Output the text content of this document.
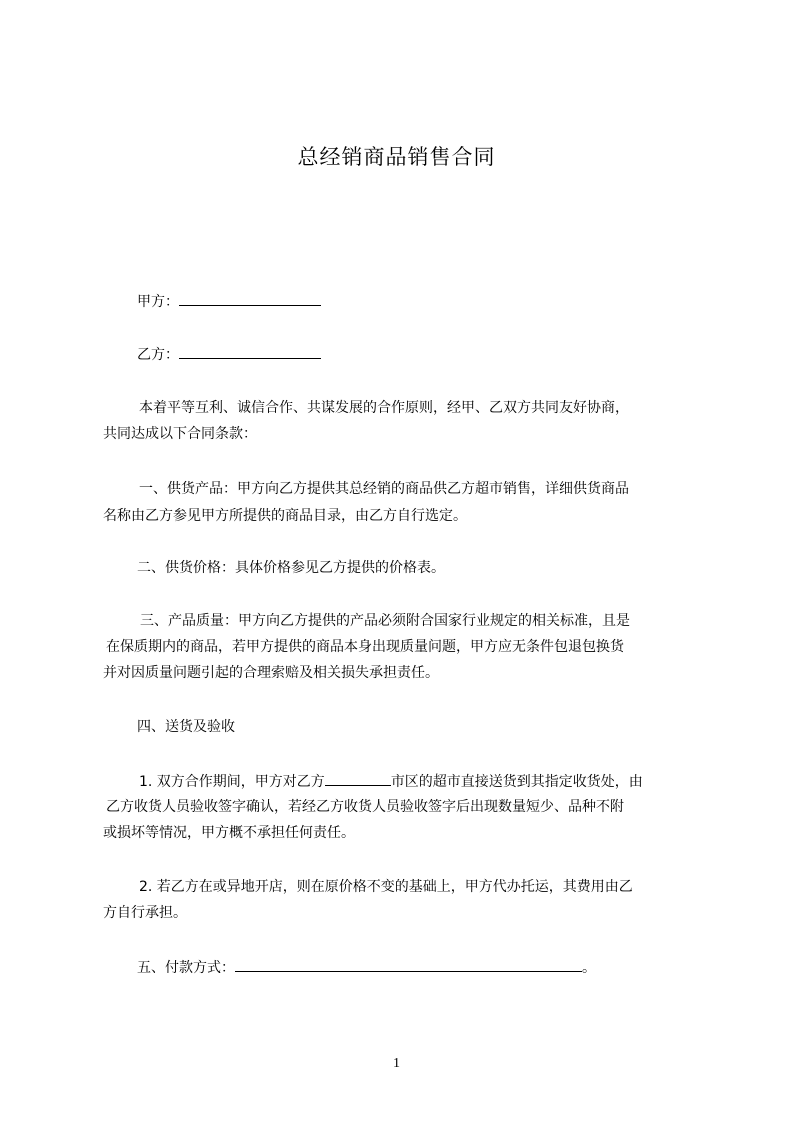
总经销商品销售合同
甲方：
乙方：
本着平等互利、诚信合作、共谋发展的合作原则，经甲、乙双方共同友好协商，
共同达成以下合同条款：
一、供货产品：甲方向乙方提供其总经销的商品供乙方超市销售，详细供货商品
名称由乙方参见甲方所提供的商品目录，由乙方自行选定。
二、供货价格：具体价格参见乙方提供的价格表。
三、产品质量：甲方向乙方提供的产品必须附合国家行业规定的相关标准，且是
在保质期内的商品，若甲方提供的商品本身出现质量问题，甲方应无条件包退包换货
并对因质量问题引起的合理索赔及相关损失承担责任。
四、送货及验收
1. 双方合作期间，甲方对乙方	市区的超市直接送货到其指定收货处，由
乙方收货人员验收签字确认，若经乙方收货人员验收签字后出现数量短少、品种不附
或损坏等情况，甲方概不承担任何责任。
2. 若乙方在或异地开店，则在原价格不变的基础上，甲方代办托运，其费用由乙
方自行承担。
五、付款方式：	。
1
